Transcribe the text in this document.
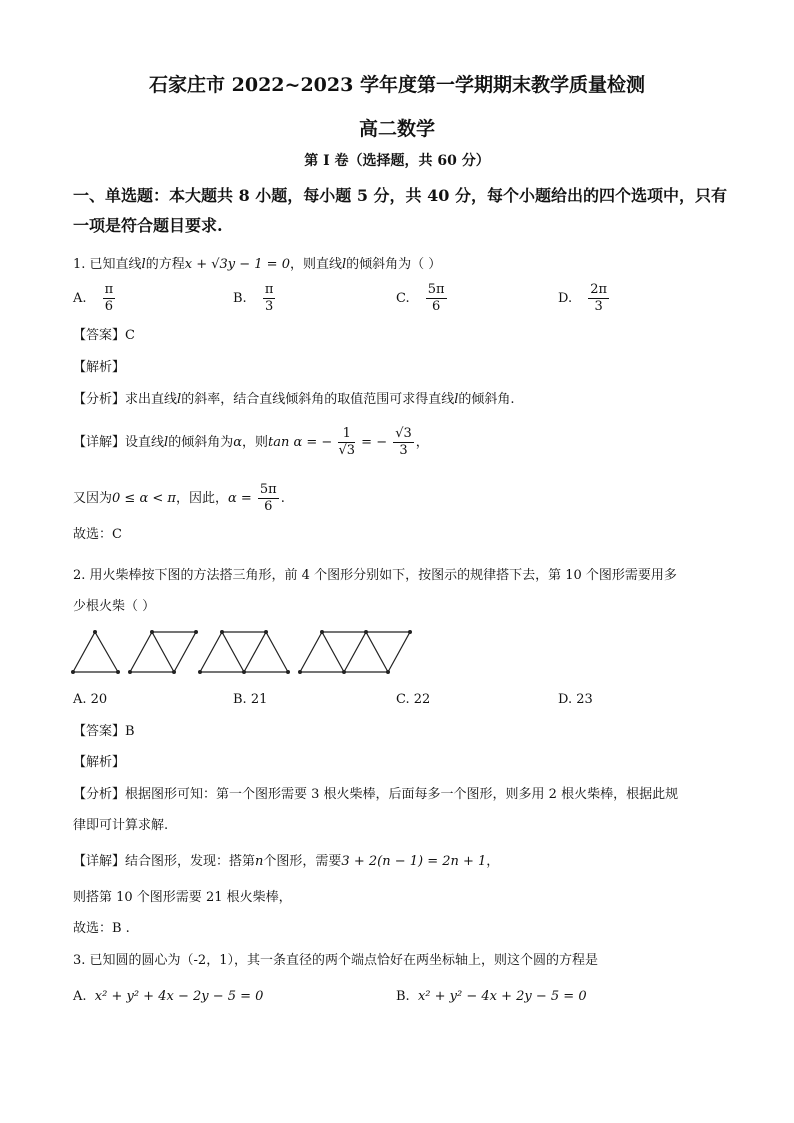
石家庄市 2022~2023 学年度第一学期期末教学质量检测
高二数学
第 I 卷（选择题，共 60 分）
一、单选题：本大题共 8 小题，每小题 5 分，共 40 分，每个小题给出的四个选项中，只有
一项是符合题目要求.
1. 已知直线l的方程x + √3y − 1 = 0，则直线l的倾斜角为（ ）
A. $\frac{\pi}{6}$	B. $\frac{\pi}{3}$	C. $\frac{5\pi}{6}$	D. $\frac{2\pi}{3}$
【答案】C
【解析】
【分析】求出直线l的斜率，结合直线倾斜角的取值范围可求得直线l的倾斜角.
【详解】设直线l的倾斜角为α，则tan α = − $\frac{1}{√3}$ = − $\frac{√3}{3}$ ，
又因为0 ≤ α < π，因此，$\alpha = \frac{5\pi}{6}$ .
故选：C
2. 用火柴棒按下图的方法搭三角形，前 4 个图形分别如下，按图示的规律搭下去，第 10 个图形需要用多
少根火柴（ ）
A. 20	B. 21	C. 22	D. 23
【答案】B
【解析】
【分析】根据图形可知：第一个图形需要 3 根火柴棒，后面每多一个图形，则多用 2 根火柴棒，根据此规
律即可计算求解.
【详解】结合图形，发现：搭第n个图形，需要3 + 2(n − 1) = 2n + 1，
则搭第 10 个图形需要 21 根火柴棒，
故选：B .
3. 已知圆的圆心为（-2，1），其一条直径的两个端点恰好在两坐标轴上，则这个圆的方程是
A. x² + y² + 4x − 2y − 5 = 0	B. x² + y² − 4x + 2y − 5 = 0
